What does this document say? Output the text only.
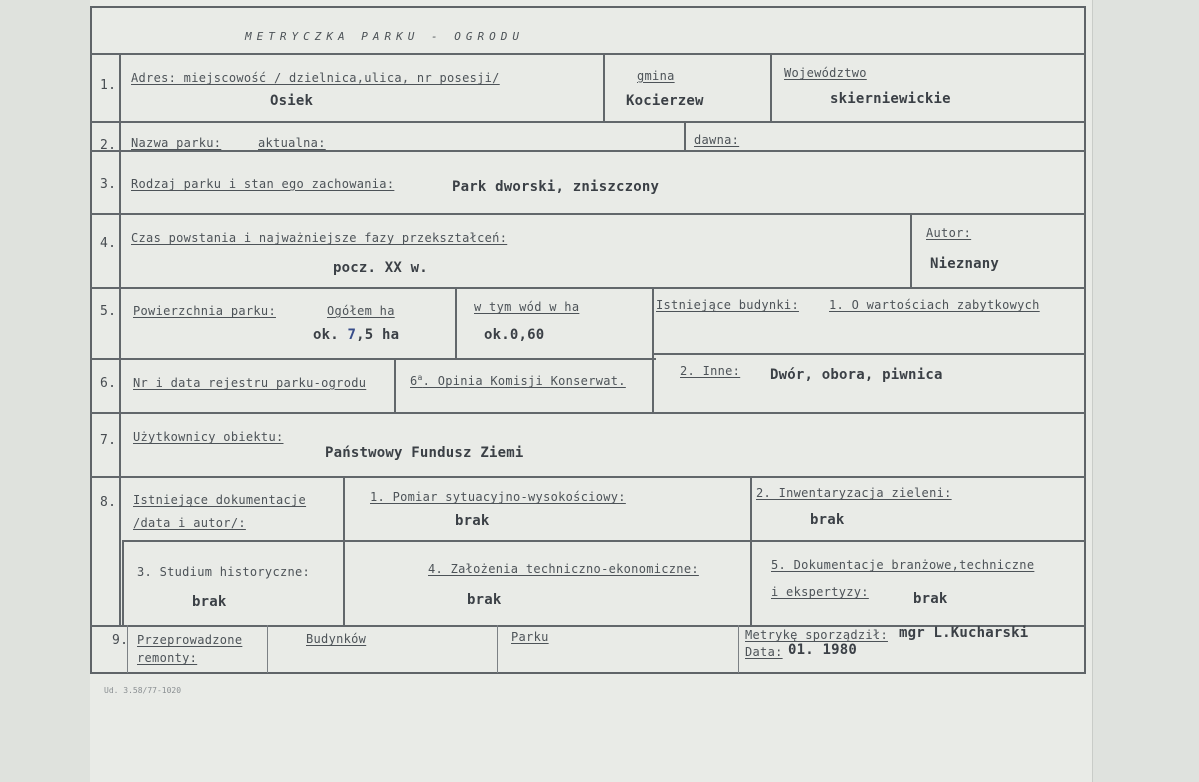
METRYCZKA PARKU - OGRODU
1. Adres: miejscowość / dzielnica,ulica, nr posesji/
Osiek
gmina
Kocierzew
Województwo
skierniewickie
2. Nazwa parku:	aktualna:	dawna:
3. Rodzaj parku i stan ego zachowania:	Park dworski, zniszczony
4. Czas powstania i najważniejsze fazy przekształceń:
pocz. XX w.
Autor:
Nieznany
5. Powierzchnia parku:	Ogółem ha
ok. 7,5 ha
w tym wód w ha
ok.0,60
Istniejące budynki:	1. O wartościach zabytkowych
6. Nr i data rejestru parku-ogrodu	6$^a$. Opinia Komisji Konserwat.
2. Inne: Dwór, obora, piwnica
7. Użytkownicy obiektu:
Państwowy Fundusz Ziemi
8. Istniejące dokumentacje
/data i autor/:
1. Pomiar sytuacyjno-wysokościowy:
brak
2. Inwentaryzacja zieleni:
brak
3. Studium historyczne:
brak
4. Założenia techniczno-ekonomiczne:
brak
5. Dokumentacje branżowe,techniczne
i ekspertyzy:	brak
9. Przeprowadzone
remonty:
Budynków	Parku	Metrykę sporządził: mgr L.Kucharski
Data: 01. 1980
Ud. 3.58/77-1020
